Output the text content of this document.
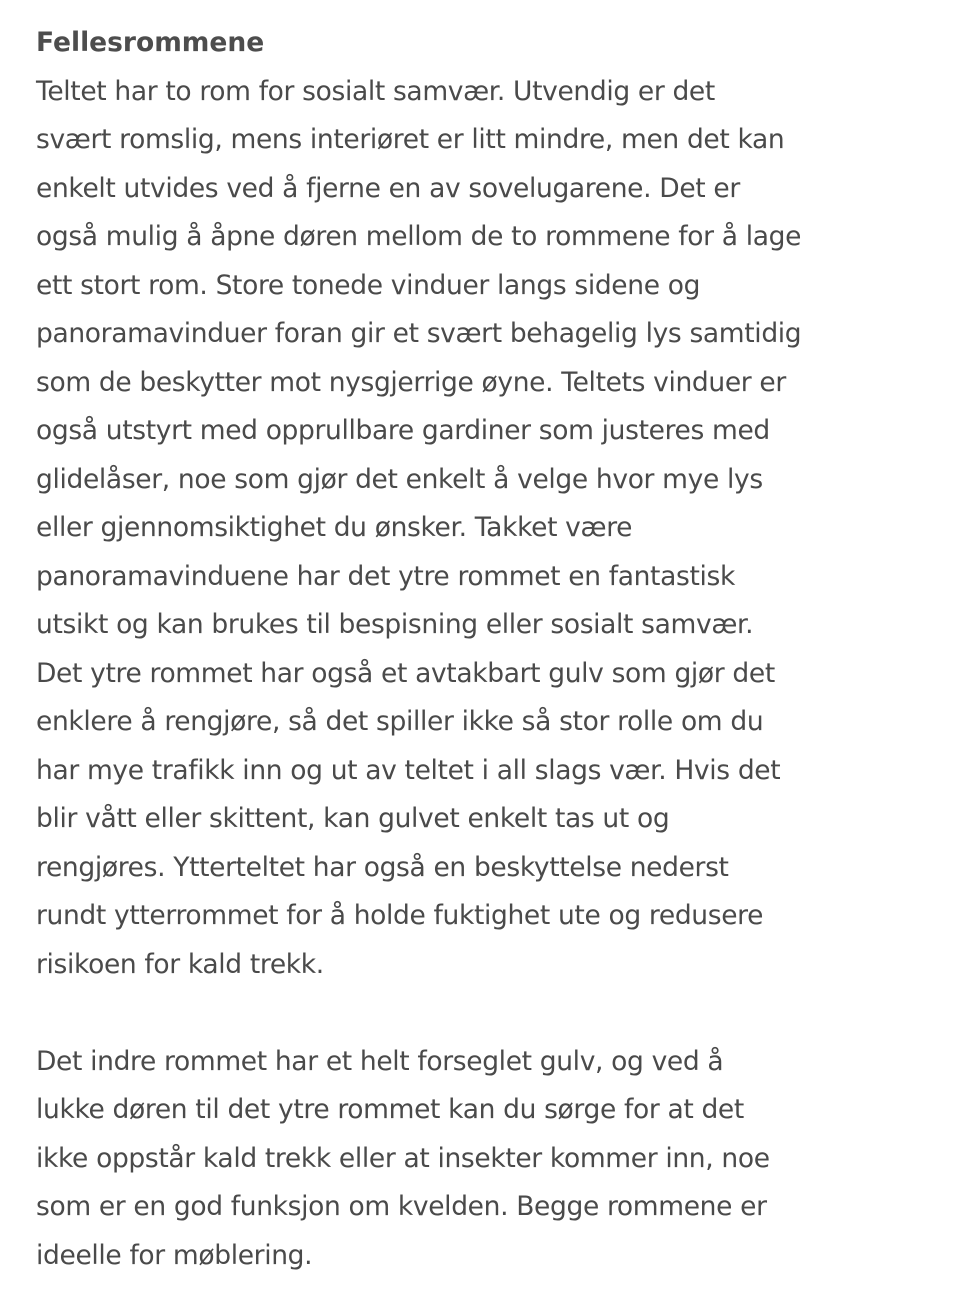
Fellesrommene

Teltet har to rom for sosialt samvær. Utvendig er det
svært romslig, mens interiøret er litt mindre, men det kan
enkelt utvides ved å fjerne en av sovelugarene. Det er
også mulig å åpne døren mellom de to rommene for å lage
ett stort rom. Store tonede vinduer langs sidene og
panoramavinduer foran gir et svært behagelig lys samtidig
som de beskytter mot nysgjerrige øyne. Teltets vinduer er
også utstyrt med opprullbare gardiner som justeres med
glidelåser, noe som gjør det enkelt å velge hvor mye lys
eller gjennomsiktighet du ønsker. Takket være
panoramavinduene har det ytre rommet en fantastisk
utsikt og kan brukes til bespisning eller sosialt samvær.
Det ytre rommet har også et avtakbart gulv som gjør det
enklere å rengjøre, så det spiller ikke så stor rolle om du
har mye trafikk inn og ut av teltet i all slags vær. Hvis det
blir vått eller skittent, kan gulvet enkelt tas ut og
rengjøres. Ytterteltet har også en beskyttelse nederst
rundt ytterrommet for å holde fuktighet ute og redusere
risikoen for kald trekk.

Det indre rommet har et helt forseglet gulv, og ved å
lukke døren til det ytre rommet kan du sørge for at det
ikke oppstår kald trekk eller at insekter kommer inn, noe
som er en god funksjon om kvelden. Begge rommene er
ideelle for møblering.
